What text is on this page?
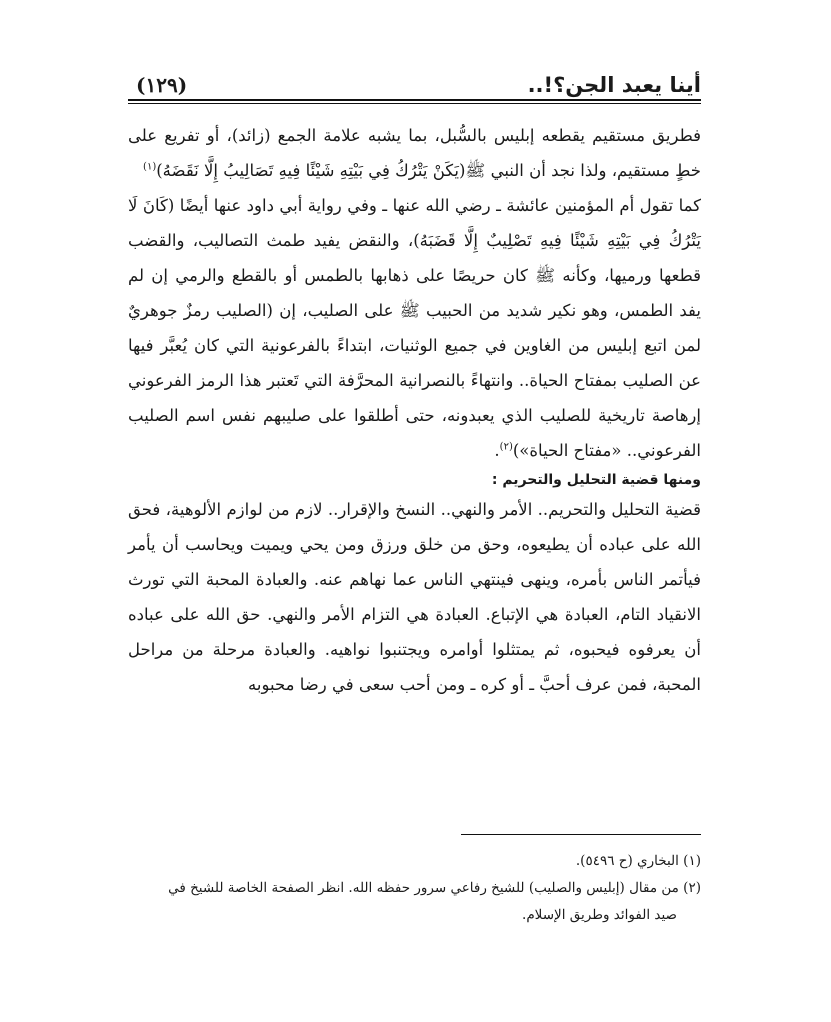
أينا يعبد الجن؟!..
(١٢٩)

فطريق مستقيم يقطعه إبليس بالسُّبل، بما يشبه علامة الجمع (زائد)، أو تفريع على خطٍ مستقيم، ولذا نجد أن النبي ﷺ(يَكَنْ يَتْرُكُ فِي بَيْتِهِ شَيْئًا فِيهِ تَصَالِيبُ إِلَّا نَقَضَهُ)$^{(١)}$

كما تقول أم المؤمنين عائشة ـ رضي الله عنها ـ وفي رواية أبي داود عنها أيضًا (كَانَ لَا يَتْرُكُ فِي بَيْتِهِ شَيْئًا فِيهِ تَصْلِيبٌ إِلَّا قَضَبَهُ)، والنقض يفيد طمث التصاليب، والقضب قطعها ورميها، وكأنه ﷺ كان حريصًا على ذهابها بالطمس أو بالقطع والرمي إن لم يفد الطمس، وهو نكير شديد من الحبيب ﷺ على الصليب، إن (الصليب رمزٌ جوهريٌ لمن اتبع إبليس من الغاوين في جميع الوثنيات، ابتداءً بالفرعونية التي كان يُعبَّر فيها عن الصليب بمفتاح الحياة.. وانتهاءً بالنصرانية المحرَّفة التي تَعتبر هذا الرمز الفرعوني إرهاصة تاريخية للصليب الذي يعبدونه، حتى أطلقوا على صليبهم نفس اسم الصليب الفرعوني.. «مفتاح الحياة»)$^{(٢)}$.

ومنها قضية التحليل والتحريم :

قضية التحليل والتحريم.. الأمر والنهي.. النسخ والإقرار.. لازم من لوازم الألوهية، فحق الله على عباده أن يطيعوه، وحق من خلق ورزق ومن يحي ويميت ويحاسب أن يأمر فيأتمر الناس بأمره، وينهى فينتهي الناس عما نهاهم عنه. والعبادة المحبة التي تورث الانقياد التام، العبادة هي الإتباع. العبادة هي التزام الأمر والنهي. حق الله على عباده أن يعرفوه فيحبوه، ثم يمتثلوا أوامره ويجتنبوا نواهيه. والعبادة مرحلة من مراحل المحبة، فمن عرف أحبَّ ـ أو كره ـ ومن أحب سعى في رضا محبوبه

(١) البخاري (ح ٥٤٩٦).

(٢) من مقال (إبليس والصليب) للشيخ رفاعي سرور حفظه الله. انظر الصفحة الخاصة للشيخ في

صيد الفوائد وطريق الإسلام.
